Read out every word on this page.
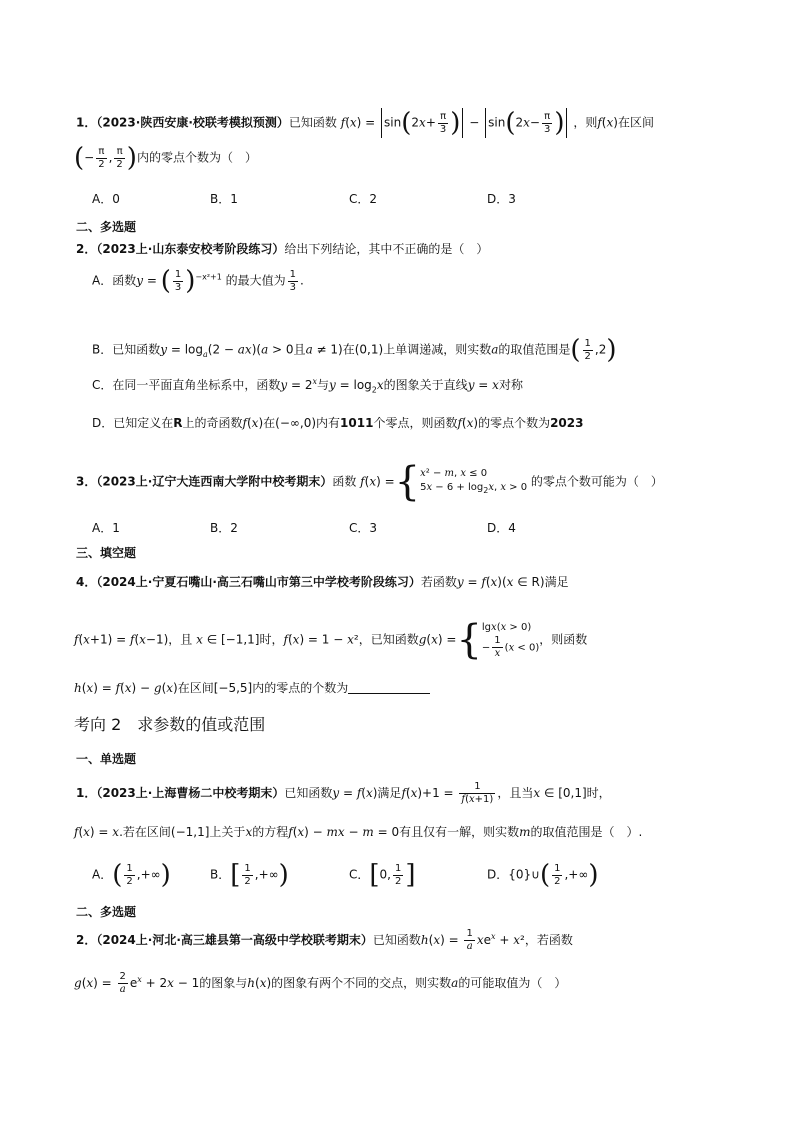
1．（2023·陕西安康·校联考模拟预测）已知函数 $f(x) = \sin(2x+ \frac{\pi}{3}$ ) − $\sin(2x- \frac{\pi}{3}$ ) ，则f(x)在区间
(− $\frac{\pi}{2}$ , $\frac{\pi}{2}$ )内的零点个数为（　）
A．0	B．1	C．2	D．3
二、多选题
2．（2023上·山东泰安校考阶段练习）给出下列结论，其中不正确的是（　）
A．函数y = ( $\frac{1}{3} )^{-x^2+1}$ 的最大值为 $\frac{1}{3}$ .
B．已知函数$y = \log_a(2 - ax)(a > 0$且a ≠ 1)在(0,1)上单调递减，则实数a的取值范围是( $\frac{1}{2} ,2$)
C．在同一平面直角坐标系中，函数$y = 2^x$与$y = \log_2x$的图象关于直线y = x对称
D．已知定义在R上的奇函数f(x)在(−∞,0)内有1011个零点，则函数f(x)的零点个数为2023
3．（2023上·辽宁大连西南大学附中校考期末）函数 f(x) ={x² − m, x ≤ 0
$5x - 6 + \log_2x$, x > 0 的零点个数可能为（　）
A．1	B．2	C．3	D．4
三、填空题
4．（2024上·宁夏石嘴山·高三石嘴山市第三中学校考阶段练习）若函数y = f(x)(x ∈ R)满足
f(x+1) = f(x−1)，且 x ∈ [−1,1]时，f(x) = 1 − x²，已知函数g(x) ={lgx(x > 0)
− $\frac{1}{x} (x < 0)$，则函数
h(x) = f(x) − g(x)在区间[−5,5]内的零点的个数为
考向 2　求参数的值或范围
一、单选题
1．（2023上·上海曹杨二中校考期末）已知函数y = f(x)满足$f(x)+1 = \frac{1}{f(x+1)}$ ，且当x ∈ [0,1]时，
f(x) = x.若在区间(−1,1]上关于x的方程f(x) − mx − m = 0有且仅有一解，则实数m的取值范围是（　）.
A．( $\frac{1}{2}$ ,+∞)	B．[ $\frac{1}{2}$ ,+∞)	C．[0, $\frac{1}{2}$ ]	D．{0}∪( $\frac{1}{2}$ ,+∞)
二、多选题
2．（2024上·河北·高三雄县第一高级中学校联考期末）已知函数$h(x) = \frac{1}{a} xe^x + x^2$，若函数
$g(x) = \frac{2}{a} e^x + 2x - 1$的图象与h(x)的图象有两个不同的交点，则实数a的可能取值为（　）
